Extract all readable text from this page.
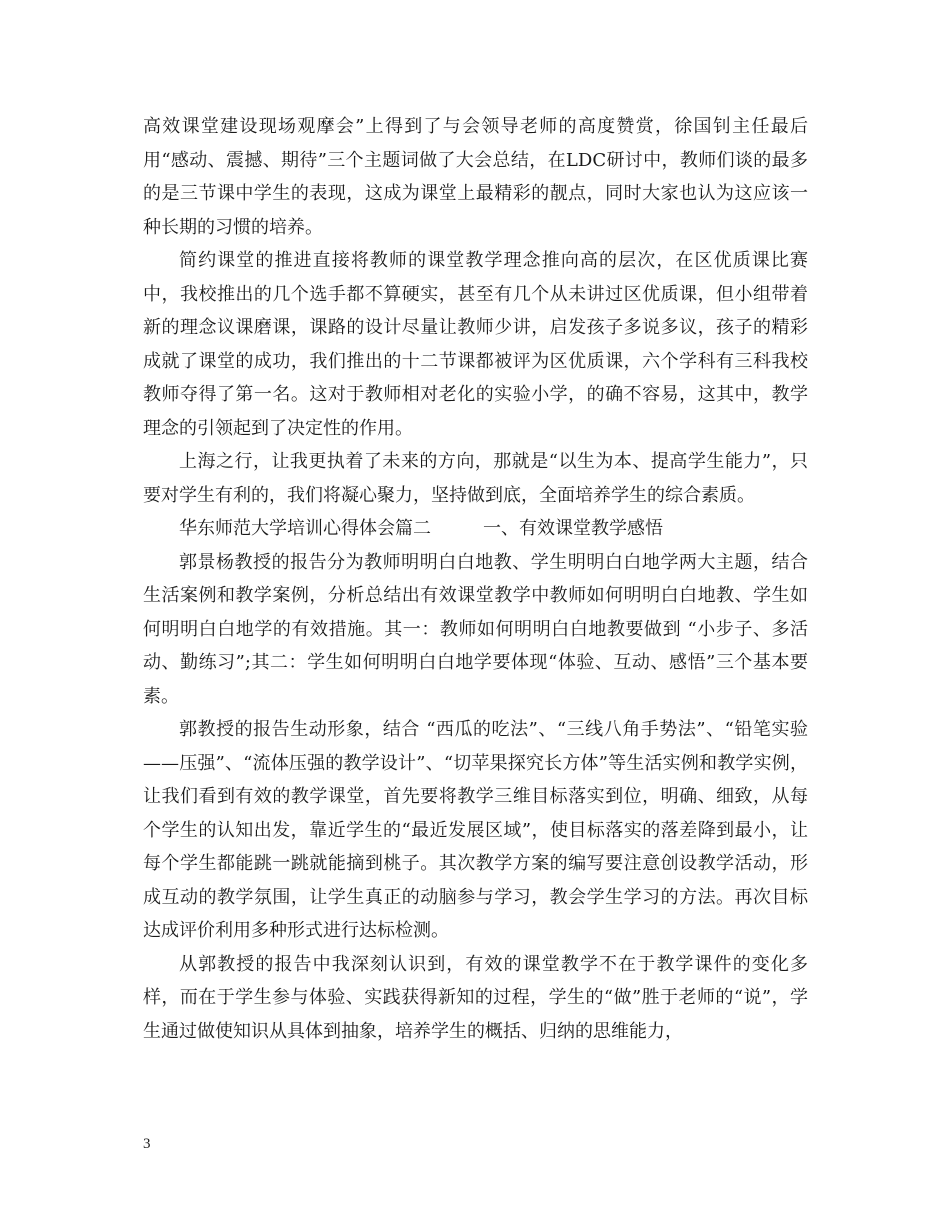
高效课堂建设现场观摩会”上得到了与会领导老师的高度赞赏，徐国钊主任最后用“感动、震撼、期待”三个主题词做了大会总结，在LDC研讨中，教师们谈的最多的是三节课中学生的表现，这成为课堂上最精彩的靓点，同时大家也认为这应该一种长期的习惯的培养。

简约课堂的推进直接将教师的课堂教学理念推向高的层次，在区优质课比赛中，我校推出的几个选手都不算硬实，甚至有几个从未讲过区优质课，但小组带着新的理念议课磨课，课路的设计尽量让教师少讲，启发孩子多说多议，孩子的精彩成就了课堂的成功，我们推出的十二节课都被评为区优质课，六个学科有三科我校教师夺得了第一名。这对于教师相对老化的实验小学，的确不容易，这其中，教学理念的引领起到了决定性的作用。

上海之行，让我更执着了未来的方向，那就是“以生为本、提高学生能力”，只要对学生有利的，我们将凝心聚力，坚持做到底，全面培养学生的综合素质。

华东师范大学培训心得体会篇二	一、有效课堂教学感悟

郭景杨教授的报告分为教师明明白白地教、学生明明白白地学两大主题，结合生活案例和教学案例，分析总结出有效课堂教学中教师如何明明白白地教、学生如何明明白白地学的有效措施。其一：教师如何明明白白地教要做到 “小步子、多活动、勤练习”;其二：学生如何明明白白地学要体现“体验、互动、感悟”三个基本要素。

郭教授的报告生动形象，结合 “西瓜的吃法”、“三线八角手势法”、“铅笔实验——压强”、“流体压强的教学设计”、“切苹果探究长方体”等生活实例和教学实例，让我们看到有效的教学课堂，首先要将教学三维目标落实到位，明确、细致，从每个学生的认知出发，靠近学生的“最近发展区域”，使目标落实的落差降到最小，让每个学生都能跳一跳就能摘到桃子。其次教学方案的编写要注意创设教学活动，形成互动的教学氛围，让学生真正的动脑参与学习，教会学生学习的方法。再次目标达成评价利用多种形式进行达标检测。

从郭教授的报告中我深刻认识到，有效的课堂教学不在于教学课件的变化多样，而在于学生参与体验、实践获得新知的过程，学生的“做”胜于老师的“说”，学生通过做使知识从具体到抽象，培养学生的概括、归纳的思维能力，

3
